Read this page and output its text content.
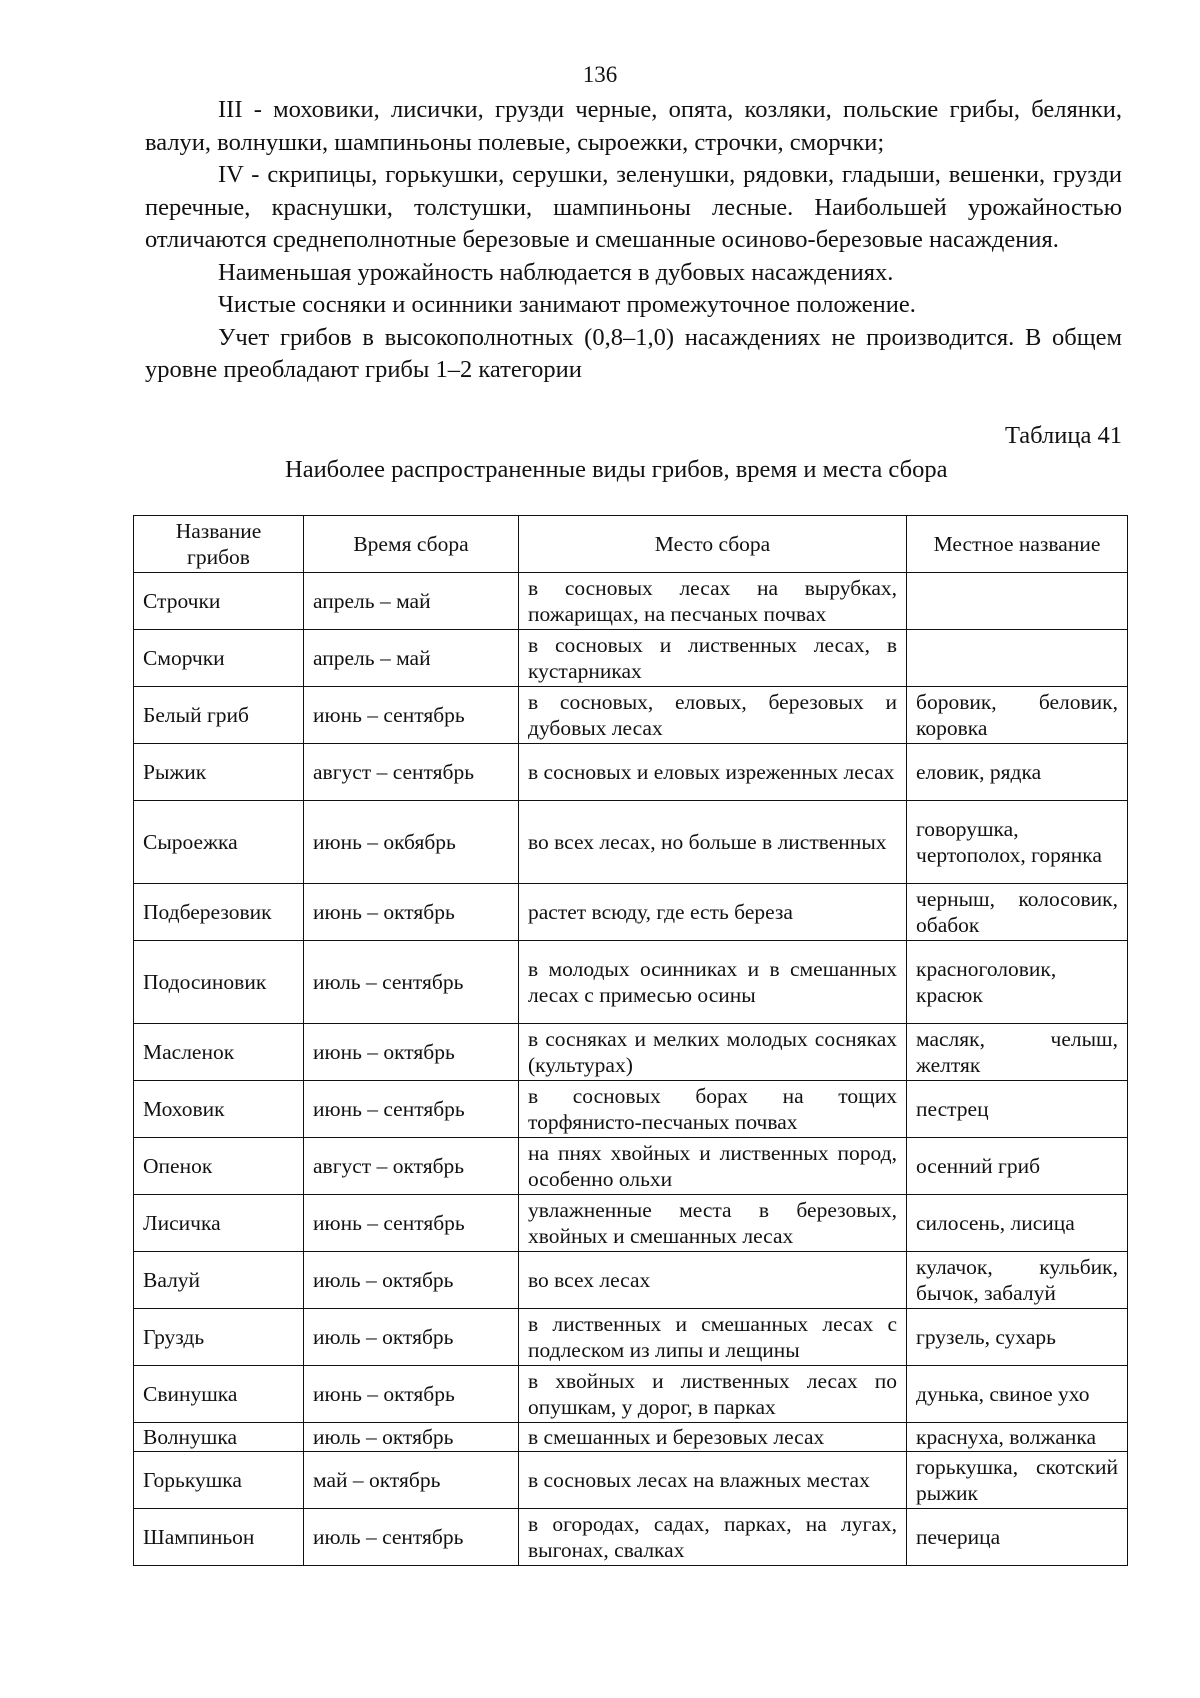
136

III - моховики, лисички, грузди черные, опята, козляки, польские грибы, белянки, валуи, волнушки, шампиньоны полевые, сыроежки, строчки, сморчки;

IV - скрипицы, горькушки, серушки, зеленушки, рядовки, гладыши, вешенки, грузди перечные, краснушки, толстушки, шампиньоны лесные. Наибольшей урожайностью отличаются среднеполнотные березовые и смешанные осиново-березовые насаждения.

Наименьшая урожайность наблюдается в дубовых насаждениях.

Чистые сосняки и осинники занимают промежуточное положение.

Учет грибов в высокополнотных (0,8–1,0) насаждениях не производится. В общем уровне преобладают грибы 1–2 категории

Таблица 41
Наиболее распространенные виды грибов, время и места сбора
Название грибов	Время сбора	Место сбора	Местное название
Строчки	апрель – май	в сосновых лесах на вырубках, пожарищах, на песчаных почвах	
Сморчки	апрель – май	в сосновых и лиственных лесах, в кустарниках	
Белый гриб	июнь – сентябрь	в сосновых, еловых, березовых и дубовых лесах	боровик, беловик, коровка
Рыжик	август – сентябрь	в сосновых и еловых изреженных лесах	еловик, рядка
Сыроежка	июнь – окбябрь	во всех лесах, но больше в лиственных	говорушка, чертополох, горянка
Подберезовик	июнь – октябрь	растет всюду, где есть береза	черныш, колосовик, обабок
Подосиновик	июль – сентябрь	в молодых осинниках и в смешанных лесах с примесью осины	красноголовик, красюк
Масленок	июнь – октябрь	в сосняках и мелких молодых сосняках (культурах)	масляк, челыш, желтяк
Моховик	июнь – сентябрь	в сосновых борах на тощих торфянисто-песчаных почвах	пестрец
Опенок	август – октябрь	на пнях хвойных и лиственных пород, особенно ольхи	осенний гриб
Лисичка	июнь – сентябрь	увлажненные места в березовых, хвойных и смешанных лесах	силосень, лисица
Валуй	июль – октябрь	во всех лесах	кулачок, кульбик, бычок, забалуй
Груздь	июль – октябрь	в лиственных и смешанных лесах с подлеском из липы и лещины	грузель, сухарь
Свинушка	июнь – октябрь	в хвойных и лиственных лесах по опушкам, у дорог, в парках	дунька, свиное ухо
Волнушка	июль – октябрь	в смешанных и березовых лесах	краснуха, волжанка
Горькушка	май – октябрь	в сосновых лесах на влажных местах	горькушка, скотский рыжик
Шампиньон	июль – сентябрь	в огородах, садах, парках, на лугах, выгонах, свалках	печерица
